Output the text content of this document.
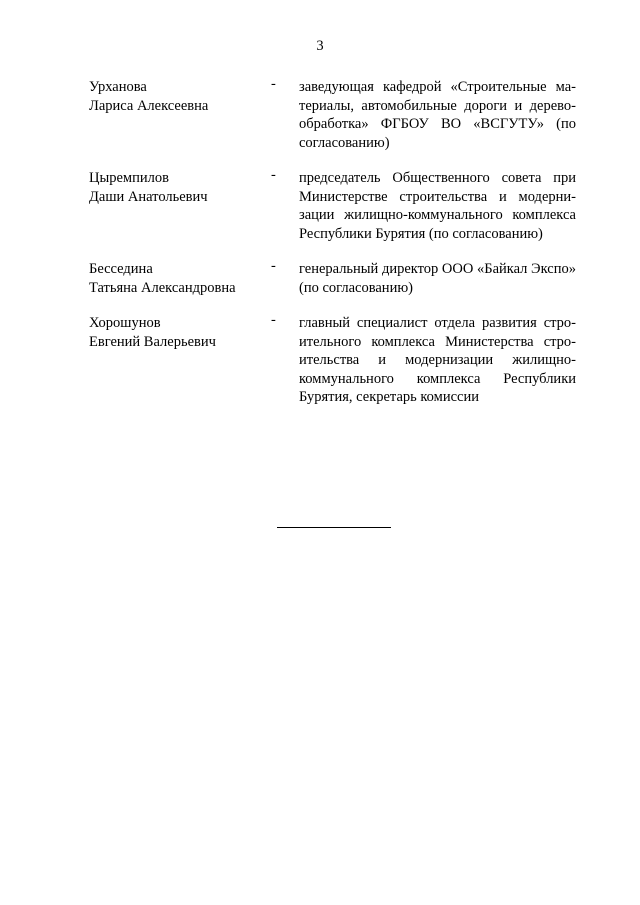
3
Урханова
Лариса Алексеевна
-	заведующая кафедрой «Строительные материалы, автомобильные дороги и деревообработка» ФГБОУ ВО «ВСГУТУ» (по согласованию)
Цыремпилов
Даши Анатольевич
-	председатель Общественного совета при Министерстве строительства и модернизации жилищно-коммунального комплекса Республики Бурятия (по согласованию)
Бесседина
Татьяна Александровна
-	генеральный директор ООО «Байкал Экспо» (по согласованию)
Хорошунов
Евгений Валерьевич
-	главный специалист отдела развития строительного комплекса Министерства строительства и модернизации жилищно-коммунального комплекса Республики Бурятия, секретарь комиссии
